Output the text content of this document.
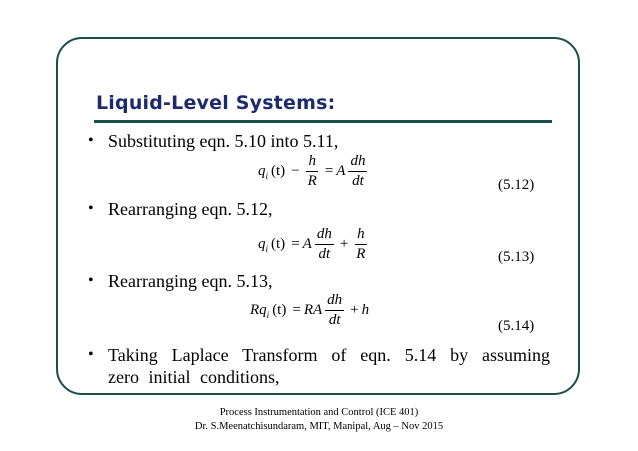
Liquid-Level Systems:
• Substituting eqn. 5.10 into 5.11,
q i $(t) - \frac{h}{R} = A \frac{dh}{dt}$	(5.12)
• Rearranging eqn. 5.12,
q i (t) = A $\frac{dh}{dt} + \frac{h}{R}$	(5.13)
• Rearranging eqn. 5.13,
Rq i (t) = RA $\frac{dh}{dt} + h$
(5.14)
• Taking Laplace Transform of eqn. 5.14 by assuming zero initial conditions,
Process Instrumentation and Control (ICE 401)
Dr. S.Meenatchisundaram, MIT, Manipal, Aug – Nov 2015
